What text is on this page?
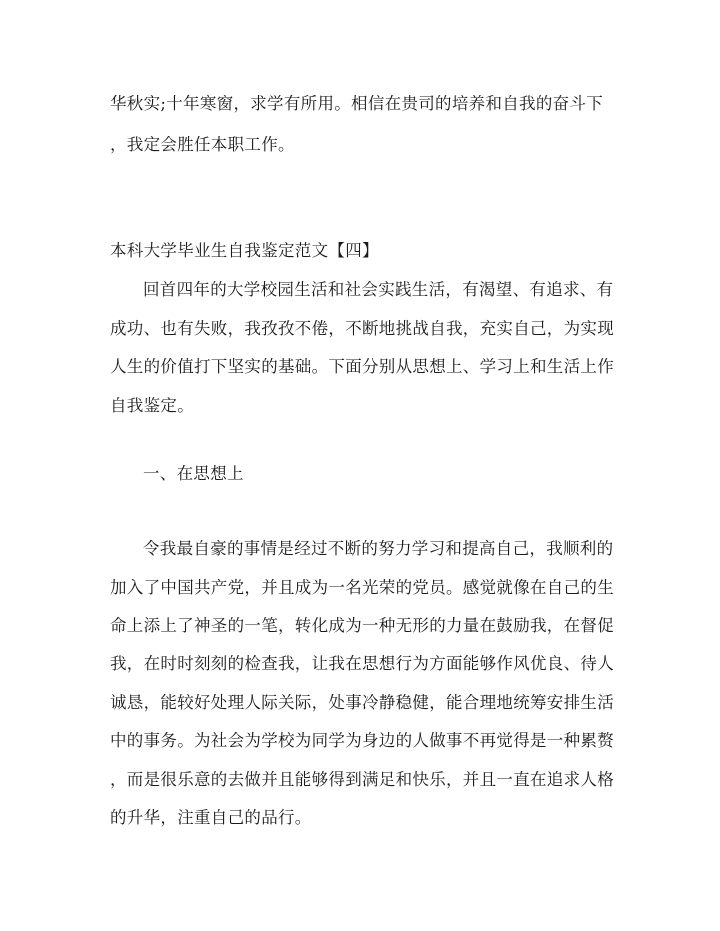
华秋实;十年寒窗，求学有所用。相信在贵司的培养和自我的奋斗下
，我定会胜任本职工作。
本科大学毕业生自我鉴定范文【四】
回首四年的大学校园生活和社会实践生活，有渴望、有追求、有
成功、也有失败，我孜孜不倦，不断地挑战自我，充实自己，为实现
人生的价值打下坚实的基础。下面分别从思想上、学习上和生活上作
自我鉴定。
一、在思想上
令我最自豪的事情是经过不断的努力学习和提高自己，我顺利的
加入了中国共产党，并且成为一名光荣的党员。感觉就像在自己的生
命上添上了神圣的一笔，转化成为一种无形的力量在鼓励我，在督促
我，在时时刻刻的检查我，让我在思想行为方面能够作风优良、待人
诚恳，能较好处理人际关际，处事冷静稳健，能合理地统筹安排生活
中的事务。为社会为学校为同学为身边的人做事不再觉得是一种累赘
，而是很乐意的去做并且能够得到满足和快乐，并且一直在追求人格
的升华，注重自己的品行。
